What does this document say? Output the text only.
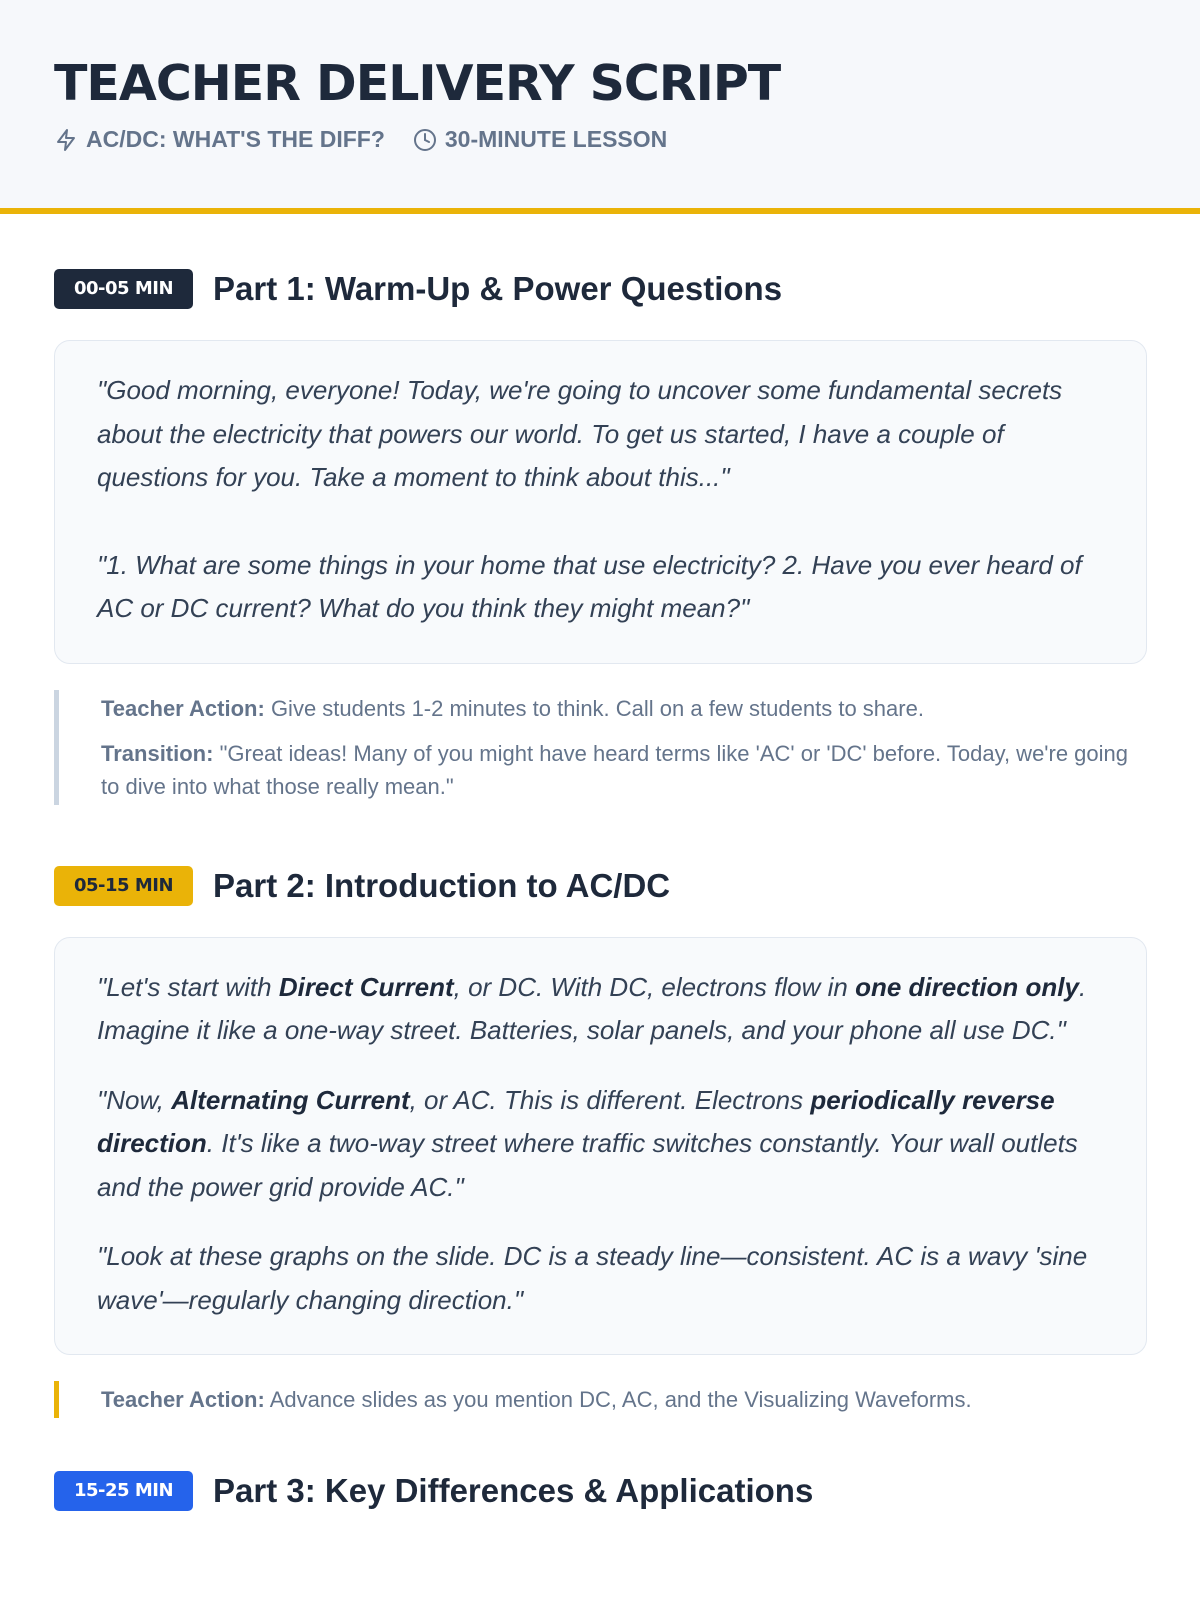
TEACHER DELIVERY SCRIPT
AC/DC: WHAT'S THE DIFF?	30-MINUTE LESSON
00-05 MIN	Part 1: Warm-Up & Power Questions

"Good morning, everyone! Today, we're going to uncover some fundamental secrets about the electricity that powers our world. To get us started, I have a couple of questions for you. Take a moment to think about this..."

"1. What are some things in your home that use electricity? 2. Have you ever heard of AC or DC current? What do you think they might mean?"

Teacher Action: Give students 1-2 minutes to think. Call on a few students to share.
Transition: "Great ideas! Many of you might have heard terms like 'AC' or 'DC' before. Today, we're going to dive into what those really mean."
05-15 MIN	Part 2: Introduction to AC/DC

"Let's start with Direct Current, or DC. With DC, electrons flow in one direction only. Imagine it like a one-way street. Batteries, solar panels, and your phone all use DC."

"Now, Alternating Current, or AC. This is different. Electrons periodically reverse direction. It's like a two-way street where traffic switches constantly. Your wall outlets and the power grid provide AC."

"Look at these graphs on the slide. DC is a steady line—consistent. AC is a wavy 'sine wave'—regularly changing direction."

Teacher Action: Advance slides as you mention DC, AC, and the Visualizing Waveforms.
15-25 MIN	Part 3: Key Differences & Applications
